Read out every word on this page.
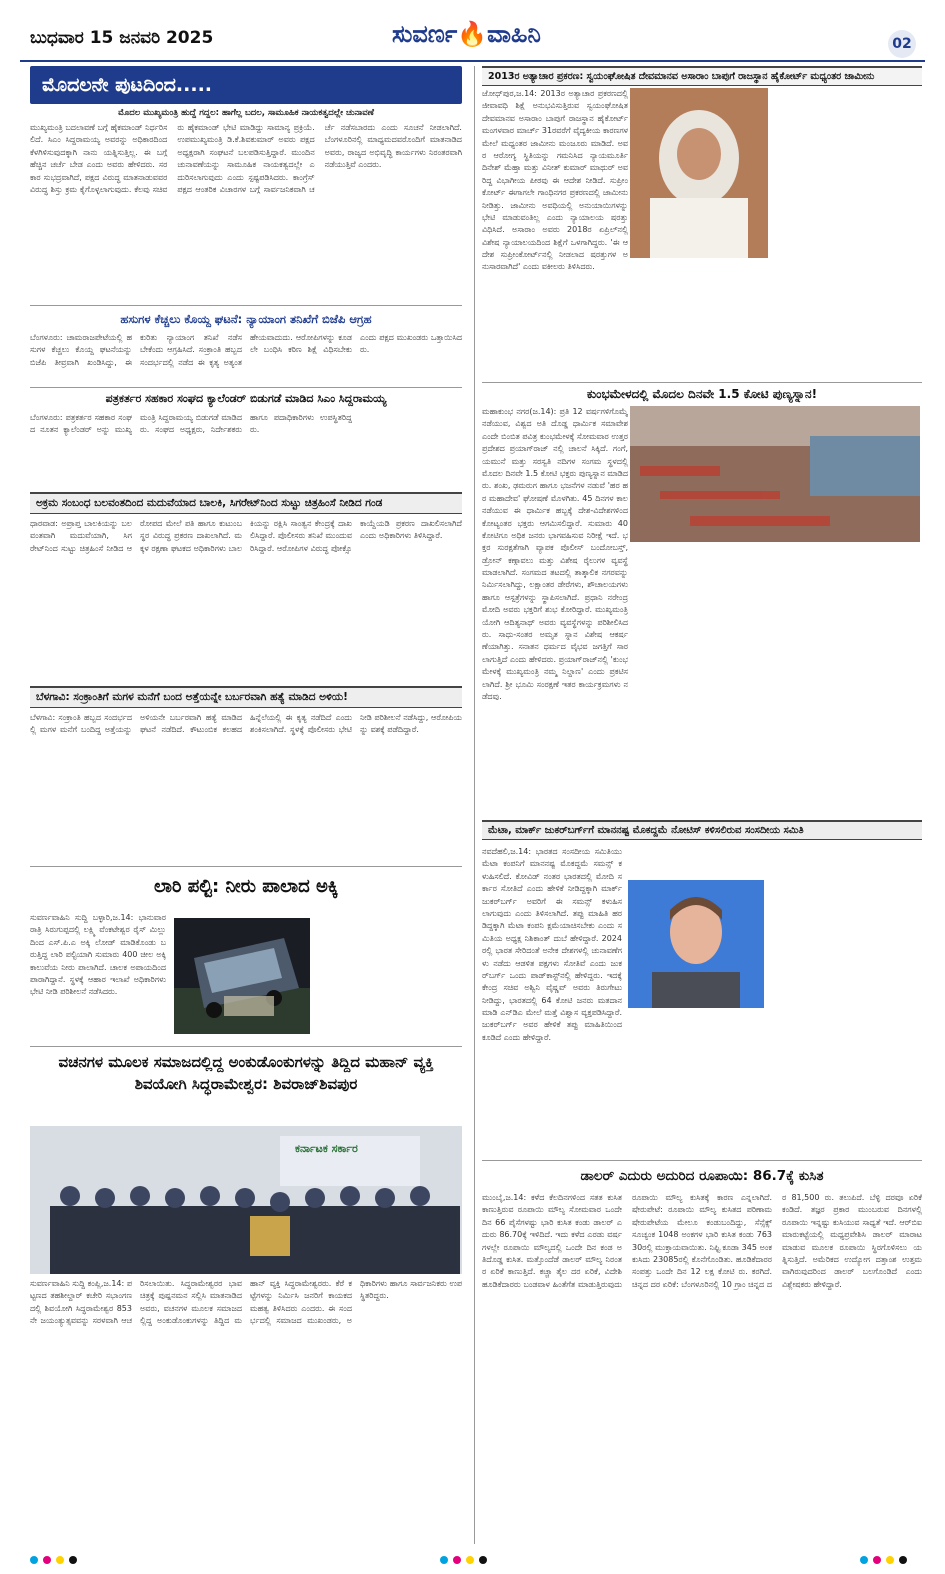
ಬುಧವಾರ 15 ಜನವರಿ 2025	ಸುವರ್ಣ🔥ವಾಹಿನಿ	02
ಮೊದಲನೇ ಪುಟದಿಂದ.....
ಮೊದಲ ಮುಖ್ಯಮಂತ್ರಿ ಹುದ್ದೆ ಗದ್ದಲ: ಹಾಗೆಲ್ಲ ಬದಲ, ಸಾಮೂಹಿಕ ನಾಯಕತ್ವದಲ್ಲೇ ಚುನಾವಣೆ
ಮುಖ್ಯಮಂತ್ರಿ ಬದಲಾವಣೆ ಬಗ್ಗೆ ಹೈಕಮಾಂಡ್ ನಿರ್ಧರಿಸಲಿದೆ. ಸಿಎಂ ಸಿದ್ದರಾಮಯ್ಯ ಅವರನ್ನು ಅಧಿಕಾರದಿಂದ ಕೆಳಗಿಳಿಸುವುದಕ್ಕಾಗಿ ನಾನು ಯತ್ನಿಸುತ್ತಿಲ್ಲ. ಈ ಬಗ್ಗೆ ಹೆಚ್ಚಿನ ಚರ್ಚೆ ಬೇಡ ಎಂದು ಅವರು ಹೇಳಿದರು. ಸರಕಾರ ಸುಭದ್ರವಾಗಿದೆ, ಪಕ್ಷದ ವಿರುದ್ಧ ಮಾತನಾಡುವವರ ವಿರುದ್ಧ ಶಿಸ್ತು ಕ್ರಮ ಕೈಗೊಳ್ಳಲಾಗುವುದು. ಕೆಲವು ಸಚಿವರು ಹೈಕಮಾಂಡ್ ಭೇಟಿ ಮಾಡಿದ್ದು ಸಾಮಾನ್ಯ ಪ್ರಕ್ರಿಯೆ. ಉಪಮುಖ್ಯಮಂತ್ರಿ ಡಿ.ಕೆ.ಶಿವಕುಮಾರ್ ಅವರು ಪಕ್ಷದ ಅಧ್ಯಕ್ಷರಾಗಿ ಸಂಘಟನೆ ಬಲಪಡಿಸುತ್ತಿದ್ದಾರೆ. ಮುಂದಿನ ಚುನಾವಣೆಯನ್ನು ಸಾಮೂಹಿಕ ನಾಯಕತ್ವದಲ್ಲೇ ಎದುರಿಸಲಾಗುವುದು ಎಂದು ಸ್ಪಷ್ಟಪಡಿಸಿದರು. ಕಾಂಗ್ರೆಸ್ ಪಕ್ಷದ ಆಂತರಿಕ ವಿಚಾರಗಳ ಬಗ್ಗೆ ಸಾರ್ವಜನಿಕವಾಗಿ ಚರ್ಚೆ ನಡೆಸಬಾರದು ಎಂದು ಸೂಚನೆ ನೀಡಲಾಗಿದೆ. ಬೆಂಗಳೂರಿನಲ್ಲಿ ಮಾಧ್ಯಮದವರೊಂದಿಗೆ ಮಾತನಾಡಿದ ಅವರು, ರಾಜ್ಯದ ಅಭಿವೃದ್ಧಿ ಕಾರ್ಯಗಳು ನಿರಂತರವಾಗಿ ನಡೆಯುತ್ತಿವೆ ಎಂದರು.
ಹಸುಗಳ ಕೆಚ್ಚಲು ಕೊಯ್ದ ಘಟನೆ: ನ್ಯಾಯಾಂಗ ತನಿಖೆಗೆ ಬಿಜೆಪಿ ಆಗ್ರಹ
ಬೆಂಗಳೂರು: ಚಾಮರಾಜಪೇಟೆಯಲ್ಲಿ ಹಸುಗಳ ಕೆಚ್ಚಲು ಕೊಯ್ದ ಘಟನೆಯನ್ನು ಬಿಜೆಪಿ ತೀವ್ರವಾಗಿ ಖಂಡಿಸಿದ್ದು, ಈ ಕುರಿತು ನ್ಯಾಯಾಂಗ ತನಿಖೆ ನಡೆಸಬೇಕೆಂದು ಆಗ್ರಹಿಸಿದೆ. ಸಂಕ್ರಾಂತಿ ಹಬ್ಬದ ಸಂದರ್ಭದಲ್ಲಿ ನಡೆದ ಈ ಕೃತ್ಯ ಅತ್ಯಂತ ಹೇಯವಾದುದು. ಆರೋಪಿಗಳನ್ನು ಕೂಡಲೇ ಬಂಧಿಸಿ ಕಠಿಣ ಶಿಕ್ಷೆ ವಿಧಿಸಬೇಕು ಎಂದು ಪಕ್ಷದ ಮುಖಂಡರು ಒತ್ತಾಯಿಸಿದರು.
ಪತ್ರಕರ್ತರ ಸಹಕಾರ ಸಂಘದ ಕ್ಯಾಲೆಂಡರ್ ಬಿಡುಗಡೆ ಮಾಡಿದ ಸಿಎಂ ಸಿದ್ದರಾಮಯ್ಯ
ಬೆಂಗಳೂರು: ಪತ್ರಕರ್ತರ ಸಹಕಾರ ಸಂಘದ ನೂತನ ಕ್ಯಾಲೆಂಡರ್ ಅನ್ನು ಮುಖ್ಯಮಂತ್ರಿ ಸಿದ್ದರಾಮಯ್ಯ ಬಿಡುಗಡೆ ಮಾಡಿದರು. ಸಂಘದ ಅಧ್ಯಕ್ಷರು, ನಿರ್ದೇಶಕರು ಹಾಗೂ ಪದಾಧಿಕಾರಿಗಳು ಉಪಸ್ಥಿತರಿದ್ದರು.
ಅಕ್ರಮ ಸಂಬಂಧ ಬಲವಂತದಿಂದ ಮದುವೆಯಾದ ಬಾಲಕಿ, ಸಿಗರೇಟ್‌ನಿಂದ ಸುಟ್ಟು ಚಿತ್ರಹಿಂಸೆ ನೀಡಿದ ಗಂಡ
ಧಾರವಾಡ: ಅಪ್ರಾಪ್ತ ಬಾಲಕಿಯನ್ನು ಬಲವಂತವಾಗಿ ಮದುವೆಯಾಗಿ, ಸಿಗರೇಟ್‌ನಿಂದ ಸುಟ್ಟು ಚಿತ್ರಹಿಂಸೆ ನೀಡಿದ ಆರೋಪದ ಮೇಲೆ ಪತಿ ಹಾಗೂ ಕುಟುಂಬಸ್ಥರ ವಿರುದ್ಧ ಪ್ರಕರಣ ದಾಖಲಾಗಿದೆ. ಮಕ್ಕಳ ರಕ್ಷಣಾ ಘಟಕದ ಅಧಿಕಾರಿಗಳು ಬಾಲಕಿಯನ್ನು ರಕ್ಷಿಸಿ ಸಾಂತ್ವನ ಕೇಂದ್ರಕ್ಕೆ ದಾಖಲಿಸಿದ್ದಾರೆ. ಪೊಲೀಸರು ತನಿಖೆ ಮುಂದುವರಿಸಿದ್ದಾರೆ. ಆರೋಪಿಗಳ ವಿರುದ್ಧ ಪೋಕ್ಸೊ ಕಾಯ್ದೆಯಡಿ ಪ್ರಕರಣ ದಾಖಲಿಸಲಾಗಿದೆ ಎಂದು ಅಧಿಕಾರಿಗಳು ತಿಳಿಸಿದ್ದಾರೆ.
ಬೆಳಗಾವಿ: ಸಂಕ್ರಾಂತಿಗೆ ಮಗಳ ಮನೆಗೆ ಬಂದ ಅತ್ತೆಯನ್ನೇ ಬರ್ಬರವಾಗಿ ಹತ್ಯೆ ಮಾಡಿದ ಅಳಿಯ!
ಬೆಳಗಾವಿ: ಸಂಕ್ರಾಂತಿ ಹಬ್ಬದ ಸಂದರ್ಭದಲ್ಲಿ ಮಗಳ ಮನೆಗೆ ಬಂದಿದ್ದ ಅತ್ತೆಯನ್ನು ಅಳಿಯನೇ ಬರ್ಬರವಾಗಿ ಹತ್ಯೆ ಮಾಡಿದ ಘಟನೆ ನಡೆದಿದೆ. ಕೌಟುಂಬಿಕ ಕಲಹದ ಹಿನ್ನೆಲೆಯಲ್ಲಿ ಈ ಕೃತ್ಯ ನಡೆದಿದೆ ಎಂದು ಶಂಕಿಸಲಾಗಿದೆ. ಸ್ಥಳಕ್ಕೆ ಪೊಲೀಸರು ಭೇಟಿ ನೀಡಿ ಪರಿಶೀಲನೆ ನಡೆಸಿದ್ದು, ಆರೋಪಿಯನ್ನು ವಶಕ್ಕೆ ಪಡೆದಿದ್ದಾರೆ.
ಲಾರಿ ಪಲ್ಟಿ: ನೀರು ಪಾಲಾದ ಅಕ್ಕಿ
ಸುವರ್ಣವಾಹಿನಿ ಸುದ್ದಿ ಬಳ್ಳಾರಿ,ಜ.14: ಭಾನುವಾರ ರಾತ್ರಿ ಸಿರುಗುಪ್ಪದಲ್ಲಿ ಲಕ್ಷ್ಮಿ ವೆಂಕಟೇಶ್ವರ ರೈಸ್ ಮಿಲ್ಲು ದಿಂದ ಎಸ್.ಪಿ.ಎ ಅಕ್ಕಿ ಲೋಡ್ ಮಾಡಿಕೊಂಡು ಬರುತ್ತಿದ್ದ ಲಾರಿ ಪಲ್ಟಿಯಾಗಿ ಸುಮಾರು 400 ಚೀಲ ಅಕ್ಕಿ ಕಾಲುವೆಯ ನೀರು ಪಾಲಾಗಿದೆ. ಚಾಲಕ ಅಪಾಯದಿಂದ ಪಾರಾಗಿದ್ದಾನೆ. ಸ್ಥಳಕ್ಕೆ ಆಹಾರ ಇಲಾಖೆ ಅಧಿಕಾರಿಗಳು ಭೇಟಿ ನೀಡಿ ಪರಿಶೀಲನೆ ನಡೆಸಿದರು.
ವಚನಗಳ ಮೂಲಕ ಸಮಾಜದಲ್ಲಿದ್ದ ಅಂಕುಡೊಂಕುಗಳನ್ನು ತಿದ್ದಿದ ಮಹಾನ್ ವ್ಯಕ್ತಿ ಶಿವಯೋಗಿ ಸಿದ್ಧರಾಮೇಶ್ವರ: ಶಿವರಾಜ್‌ಶಿವಪುರ
ಕರ್ನಾಟಕ ಸರ್ಕಾರ
ಸುವರ್ಣವಾಹಿನಿ ಸುದ್ದಿ ಕಂಪ್ಲಿ,ಜ.14: ಪಟ್ಟಣದ ತಹಶೀಲ್ದಾರ್ ಕಚೇರಿ ಸಭಾಂಗಣದಲ್ಲಿ ಶಿವಯೋಗಿ ಸಿದ್ಧರಾಮೇಶ್ವರ 853ನೇ ಜಯಂತ್ಯುತ್ಸವವನ್ನು ಸರಳವಾಗಿ ಆಚರಿಸಲಾಯಿತು. ಸಿದ್ಧರಾಮೇಶ್ವರರ ಭಾವಚಿತ್ರಕ್ಕೆ ಪುಷ್ಪನಮನ ಸಲ್ಲಿಸಿ ಮಾತನಾಡಿದ ಅವರು, ವಚನಗಳ ಮೂಲಕ ಸಮಾಜದಲ್ಲಿದ್ದ ಅಂಕುಡೊಂಕುಗಳನ್ನು ತಿದ್ದಿದ ಮಹಾನ್ ವ್ಯಕ್ತಿ ಸಿದ್ಧರಾಮೇಶ್ವರರು. ಕೆರೆ ಕಟ್ಟೆಗಳನ್ನು ನಿರ್ಮಿಸಿ ಜನರಿಗೆ ಕಾಯಕದ ಮಹತ್ವ ತಿಳಿಸಿದರು ಎಂದರು. ಈ ಸಂದರ್ಭದಲ್ಲಿ ಸಮಾಜದ ಮುಖಂಡರು, ಅಧಿಕಾರಿಗಳು ಹಾಗೂ ಸಾರ್ವಜನಿಕರು ಉಪಸ್ಥಿತರಿದ್ದರು.
2013ರ ಅತ್ಯಾಚಾರ ಪ್ರಕರಣ: ಸ್ವಯಂಘೋಷಿತ ದೇವಮಾನವ ಅಸಾರಾಂ ಬಾಪುಗೆ ರಾಜಸ್ಥಾನ ಹೈಕೋರ್ಟ್ ಮಧ್ಯಂತರ ಜಾಮೀನು
ಜೋಧ್‌ಪುರ,ಜ.14: 2013ರ ಅತ್ಯಾಚಾರ ಪ್ರಕರಣದಲ್ಲಿ ಜೀವಾವಧಿ ಶಿಕ್ಷೆ ಅನುಭವಿಸುತ್ತಿರುವ ಸ್ವಯಂಘೋಷಿತ ದೇವಮಾನವ ಅಸಾರಾಂ ಬಾಪುಗೆ ರಾಜಸ್ಥಾನ ಹೈಕೋರ್ಟ್ ಮಂಗಳವಾರ ಮಾರ್ಚ್ 31ರವರೆಗೆ ವೈದ್ಯಕೀಯ ಕಾರಣಗಳ ಮೇಲೆ ಮಧ್ಯಂತರ ಜಾಮೀನು ಮಂಜೂರು ಮಾಡಿದೆ. ಅವರ ಆರೋಗ್ಯ ಸ್ಥಿತಿಯನ್ನು ಗಮನಿಸಿದ ನ್ಯಾಯಮೂರ್ತಿ ದಿನೇಶ್ ಮೆಹ್ತಾ ಮತ್ತು ವಿನೀತ್ ಕುಮಾರ್ ಮಾಥುರ್ ಅವರಿದ್ದ ವಿಭಾಗೀಯ ಪೀಠವು ಈ ಆದೇಶ ನೀಡಿದೆ. ಸುಪ್ರೀಂ ಕೋರ್ಟ್ ಈಗಾಗಲೇ ಗಾಂಧಿನಗರ ಪ್ರಕರಣದಲ್ಲಿ ಜಾಮೀನು ನೀಡಿತ್ತು. ಜಾಮೀನು ಅವಧಿಯಲ್ಲಿ ಅನುಯಾಯಿಗಳನ್ನು ಭೇಟಿ ಮಾಡುವಂತಿಲ್ಲ ಎಂದು ನ್ಯಾಯಾಲಯ ಷರತ್ತು ವಿಧಿಸಿದೆ. ಅಸಾರಾಂ ಅವರು 2018ರ ಏಪ್ರಿಲ್‌ನಲ್ಲಿ ವಿಶೇಷ ನ್ಯಾಯಾಲಯದಿಂದ ಶಿಕ್ಷೆಗೆ ಒಳಗಾಗಿದ್ದರು. 'ಈ ಆದೇಶ ಸುಪ್ರೀಂಕೋರ್ಟ್‌ನಲ್ಲಿ ನೀಡಲಾದ ಷರತ್ತುಗಳ ಅನುಸಾರವಾಗಿದೆ' ಎಂದು ವಕೀಲರು ತಿಳಿಸಿದರು.
ಕುಂಭಮೇಳದಲ್ಲಿ ಮೊದಲ ದಿನವೇ 1.5 ಕೋಟಿ ಪುಣ್ಯಸ್ನಾನ!
ಮಹಾಕುಂಭ ನಗರ(ಜ.14): ಪ್ರತಿ 12 ವರ್ಷಗಳಿಗೊಮ್ಮೆ ನಡೆಯುವ, ವಿಶ್ವದ ಅತಿ ದೊಡ್ಡ ಧಾರ್ಮಿಕ ಸಮಾವೇಶ ಎಂದೇ ಬಿಂಬಿತ ಪವಿತ್ರ ಕುಂಭಮೇಳಕ್ಕೆ ಸೋಮವಾರ ಉತ್ತರಪ್ರದೇಶದ ಪ್ರಯಾಗ್‌ರಾಜ್ ನಲ್ಲಿ ಚಾಲನೆ ಸಿಕ್ಕಿದೆ. ಗಂಗೆ, ಯಮುನೆ ಮತ್ತು ಸರಸ್ವತಿ ನದಿಗಳ ಸಂಗಮ ಸ್ಥಳದಲ್ಲಿ ಮೊದಲ ದಿನವೇ 1.5 ಕೋಟಿ ಭಕ್ತರು ಪುಣ್ಯಸ್ನಾನ ಮಾಡಿದರು. ಶಂಖ, ಢಮರುಗ ಹಾಗೂ ಭಜನೆಗಳ ನಡುವೆ 'ಹರ ಹರ ಮಹಾದೇವ' ಘೋಷಣೆ ಮೊಳಗಿತು. 45 ದಿನಗಳ ಕಾಲ ನಡೆಯುವ ಈ ಧಾರ್ಮಿಕ ಹಬ್ಬಕ್ಕೆ ದೇಶ-ವಿದೇಶಗಳಿಂದ ಕೋಟ್ಯಂತರ ಭಕ್ತರು ಆಗಮಿಸಲಿದ್ದಾರೆ. ಸುಮಾರು 40 ಕೋಟಿಗೂ ಅಧಿಕ ಜನರು ಭಾಗವಹಿಸುವ ನಿರೀಕ್ಷೆ ಇದೆ. ಭಕ್ತರ ಸುರಕ್ಷತೆಗಾಗಿ ವ್ಯಾಪಕ ಪೊಲೀಸ್ ಬಂದೋಬಸ್ತ್, ಡ್ರೋನ್ ಕಣ್ಗಾವಲು ಮತ್ತು ವಿಶೇಷ ರೈಲುಗಳ ವ್ಯವಸ್ಥೆ ಮಾಡಲಾಗಿದೆ. ಸಂಗಮದ ತಟದಲ್ಲಿ ತಾತ್ಕಾಲಿಕ ನಗರವನ್ನು ನಿರ್ಮಿಸಲಾಗಿದ್ದು, ಲಕ್ಷಾಂತರ ಡೇರೆಗಳು, ಶೌಚಾಲಯಗಳು ಹಾಗೂ ಆಸ್ಪತ್ರೆಗಳನ್ನು ಸ್ಥಾಪಿಸಲಾಗಿದೆ. ಪ್ರಧಾನಿ ನರೇಂದ್ರ ಮೋದಿ ಅವರು ಭಕ್ತರಿಗೆ ಶುಭ ಕೋರಿದ್ದಾರೆ. ಮುಖ್ಯಮಂತ್ರಿ ಯೋಗಿ ಆದಿತ್ಯನಾಥ್ ಅವರು ವ್ಯವಸ್ಥೆಗಳನ್ನು ಪರಿಶೀಲಿಸಿದರು. ಸಾಧು-ಸಂತರ ಅಮೃತ ಸ್ನಾನ ವಿಶೇಷ ಆಕರ್ಷಣೆಯಾಗಿತ್ತು. ಸನಾತನ ಧರ್ಮದ ವೈಭವ ಜಗತ್ತಿಗೆ ಸಾರಲಾಗುತ್ತಿದೆ ಎಂದು ಹೇಳಿದರು. ಪ್ರಯಾಗ್‌ರಾಜ್‌ನಲ್ಲಿ 'ಕುಂಭಮೇಳಕ್ಕೆ ಮುಖ್ಯಮಂತ್ರಿ ನಮ್ಮ ನಿಲ್ದಾಣ' ಎಂದು ಪ್ರಕಟಿಸಲಾಗಿದೆ. ಶ್ರೀ ಭೂಮಿ ಸಂರಕ್ಷಣೆ ಇತರ ಕಾರ್ಯಕ್ರಮಗಳು ನಡೆದವು.
ಮೆಟಾ, ಮಾರ್ಕ್ ಜುಕರ್‌ಬರ್ಗ್‌ಗೆ ಮಾನನಷ್ಟ ಮೊಕದ್ದಮೆ ನೋಟಿಸ್ ಕಳಿಸಲಿರುವ ಸಂಸದೀಯ ಸಮಿತಿ
ನವದೆಹಲಿ,ಜ.14: ಭಾರತದ ಸಂಸದೀಯ ಸಮಿತಿಯು ಮೆಟಾ ಕಂಪನಿಗೆ ಮಾನನಷ್ಟ ಮೊಕದ್ದಮೆ ಸಮನ್ಸ್ ಕಳುಹಿಸಲಿದೆ. ಕೋವಿಡ್ ನಂತರ ಭಾರತದಲ್ಲಿ ಮೋದಿ ಸರ್ಕಾರ ಸೋತಿದೆ ಎಂದು ಹೇಳಿಕೆ ನೀಡಿದ್ದಕ್ಕಾಗಿ ಮಾರ್ಕ್ ಜುಕರ್‌ಬರ್ಗ್ ಅವರಿಗೆ ಈ ಸಮನ್ಸ್ ಕಳುಹಿಸಲಾಗುವುದು ಎಂದು ತಿಳಿಸಲಾಗಿದೆ. ತಪ್ಪು ಮಾಹಿತಿ ಹರಡಿದ್ದಕ್ಕಾಗಿ ಮೆಟಾ ಕಂಪನಿ ಕ್ಷಮೆಯಾಚಿಸಬೇಕು ಎಂದು ಸಮಿತಿಯ ಅಧ್ಯಕ್ಷ ನಿಶಿಕಾಂತ್ ದುಬೆ ಹೇಳಿದ್ದಾರೆ. 2024ರಲ್ಲಿ ಭಾರತ ಸೇರಿದಂತೆ ಅನೇಕ ದೇಶಗಳಲ್ಲಿ ಚುನಾವಣೆಗಳು ನಡೆದು ಆಡಳಿತ ಪಕ್ಷಗಳು ಸೋತಿವೆ ಎಂದು ಜುಕರ್‌ಬರ್ಗ್ ಒಂದು ಪಾಡ್‌ಕಾಸ್ಟ್‌ನಲ್ಲಿ ಹೇಳಿದ್ದರು. ಇದಕ್ಕೆ ಕೇಂದ್ರ ಸಚಿವ ಅಶ್ವಿನಿ ವೈಷ್ಣವ್ ಅವರು ತಿರುಗೇಟು ನೀಡಿದ್ದು, ಭಾರತದಲ್ಲಿ 64 ಕೋಟಿ ಜನರು ಮತದಾನ ಮಾಡಿ ಎನ್‌ಡಿಎ ಮೇಲೆ ಮತ್ತೆ ವಿಶ್ವಾಸ ವ್ಯಕ್ತಪಡಿಸಿದ್ದಾರೆ. ಜುಕರ್‌ಬರ್ಗ್ ಅವರ ಹೇಳಿಕೆ ತಪ್ಪು ಮಾಹಿತಿಯಿಂದ ಕೂಡಿದೆ ಎಂದು ಹೇಳಿದ್ದಾರೆ.
ಡಾಲರ್ ಎದುರು ಅದುರಿದ ರೂಪಾಯಿ: 86.7ಕ್ಕೆ ಕುಸಿತ
ಮುಂಬೈ,ಜ.14: ಕಳೆದ ಕೆಲದಿನಗಳಿಂದ ಸತತ ಕುಸಿತ ಕಾಣುತ್ತಿರುವ ರೂಪಾಯಿ ಮೌಲ್ಯ ಸೋಮವಾರ ಒಂದೇ ದಿನ 66 ಪೈಸೆಗಳಷ್ಟು ಭಾರಿ ಕುಸಿತ ಕಂಡು ಡಾಲರ್ ಎದುರು 86.70ಕ್ಕೆ ಇಳಿದಿದೆ. ಇದು ಕಳೆದ ಎರಡು ವರ್ಷಗಳಲ್ಲೇ ರೂಪಾಯಿ ಮೌಲ್ಯದಲ್ಲಿ ಒಂದೇ ದಿನ ಕಂಡ ಅತಿದೊಡ್ಡ ಕುಸಿತ. ಮತ್ತೊಂದೆಡೆ ಡಾಲರ್ ಮೌಲ್ಯ ನಿರಂತರ ಏರಿಕೆ ಕಾಣುತ್ತಿದೆ. ಕಚ್ಚಾ ತೈಲ ದರ ಏರಿಕೆ, ವಿದೇಶಿ ಹೂಡಿಕೆದಾರರು ಬಂಡವಾಳ ಹಿಂತೆಗೆತ ಮಾಡುತ್ತಿರುವುದು ರೂಪಾಯಿ ಮೌಲ್ಯ ಕುಸಿತಕ್ಕೆ ಕಾರಣ ಎನ್ನಲಾಗಿದೆ. ಷೇರುಪೇಟೆ: ರೂಪಾಯಿ ಮೌಲ್ಯ ಕುಸಿತದ ಪರಿಣಾಮ ಷೇರುಪೇಟೆಯ ಮೇಲೂ ಕಂಡುಬಂದಿದ್ದು, ಸೆನ್ಸೆಕ್ಸ್ ಸೂಚ್ಯಂಕ 1048 ಅಂಕಗಳ ಭಾರಿ ಕುಸಿತ ಕಂಡು 76330ರಲ್ಲಿ ಮುಕ್ತಾಯವಾಯಿತು. ನಿಫ್ಟಿ ಕೂಡಾ 345 ಅಂಕ ಕುಸಿದು 23085ರಲ್ಲಿ ಕೊನೆಗೊಂಡಿತು. ಹೂಡಿಕೆದಾರರ ಸಂಪತ್ತು ಒಂದೇ ದಿನ 12 ಲಕ್ಷ ಕೋಟಿ ರು. ಕರಗಿದೆ. ಚಿನ್ನದ ದರ ಏರಿಕೆ: ಬೆಂಗಳೂರಿನಲ್ಲಿ 10 ಗ್ರಾಂ ಚಿನ್ನದ ದರ 81,500 ರು. ತಲುಪಿದೆ. ಬೆಳ್ಳಿ ದರವೂ ಏರಿಕೆ ಕಂಡಿದೆ. ತಜ್ಞರ ಪ್ರಕಾರ ಮುಂಬರುವ ದಿನಗಳಲ್ಲಿ ರೂಪಾಯಿ ಇನ್ನಷ್ಟು ಕುಸಿಯುವ ಸಾಧ್ಯತೆ ಇದೆ. ಆರ್‌ಬಿಐ ಮಾರುಕಟ್ಟೆಯಲ್ಲಿ ಮಧ್ಯಪ್ರವೇಶಿಸಿ ಡಾಲರ್ ಮಾರಾಟ ಮಾಡುವ ಮೂಲಕ ರೂಪಾಯಿ ಸ್ಥಿರಗೊಳಿಸಲು ಯತ್ನಿಸುತ್ತಿದೆ. ಅಮೆರಿಕದ ಉದ್ಯೋಗ ದತ್ತಾಂಶ ಉತ್ತಮವಾಗಿರುವುದರಿಂದ ಡಾಲರ್ ಬಲಗೊಂಡಿದೆ ಎಂದು ವಿಶ್ಲೇಷಕರು ಹೇಳಿದ್ದಾರೆ.
